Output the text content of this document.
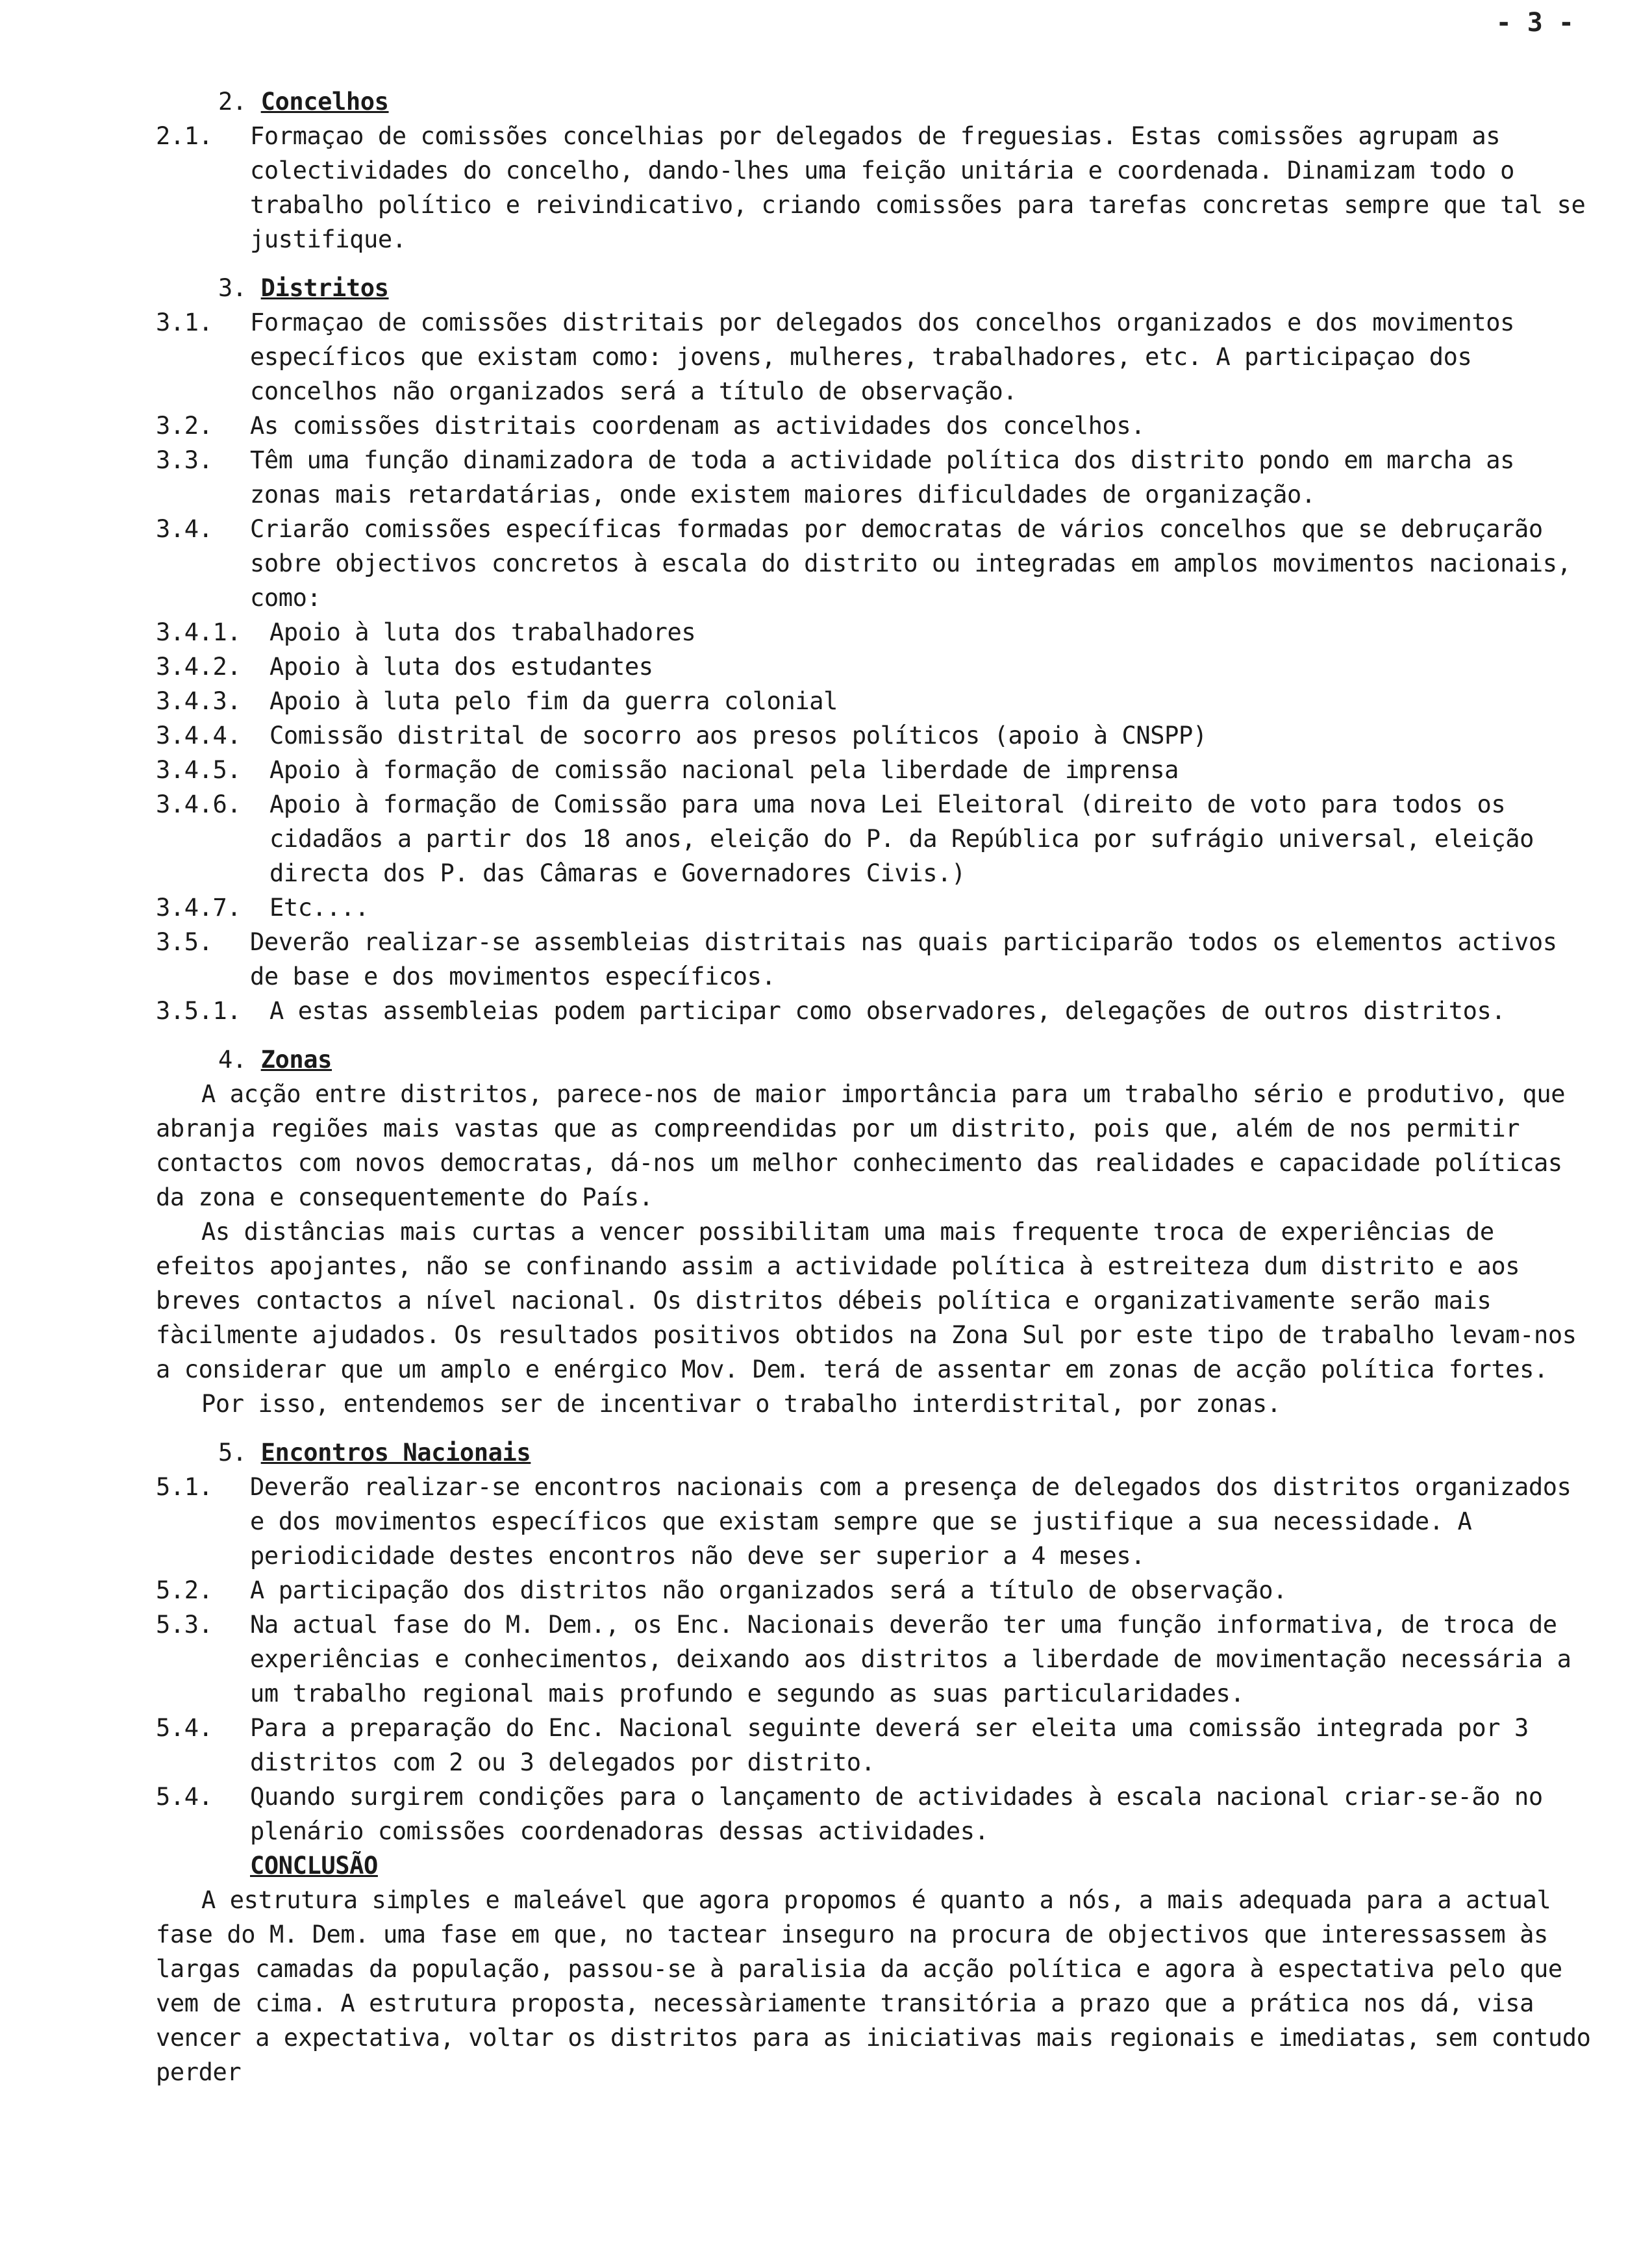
- 3 -
2. Concelhos
2.1.	Formaçao de comissões concelhias por delegados de freguesias. Estas comissões agrupam as colectividades do concelho, dando-lhes uma feição unitária e coordenada. Dinamizam todo o trabalho político e reivindicativo, criando comissões para tarefas concretas sempre que tal se justifique.
3. Distritos
3.1.	Formaçao de comissões distritais por delegados dos concelhos organizados e dos movimentos específicos que existam como: jovens, mulheres, trabalhadores, etc. A participaçao dos concelhos não organizados será a título de observação.
3.2.	As comissões distritais coordenam as actividades dos concelhos.
3.3.	Têm uma função dinamizadora de toda a actividade política dos distrito pondo em marcha as zonas mais retardatárias, onde existem maiores dificuldades de organização.
3.4.	Criarão comissões específicas formadas por democratas de vários concelhos que se debruçarão sobre objectivos concretos à escala do distrito ou integradas em amplos movimentos nacionais, como:
3.4.1.	Apoio à luta dos trabalhadores
3.4.2.	Apoio à luta dos estudantes
3.4.3.	Apoio à luta pelo fim da guerra colonial
3.4.4.	Comissão distrital de socorro aos presos políticos (apoio à CNSPP)
3.4.5.	Apoio à formação de comissão nacional pela liberdade de imprensa
3.4.6.	Apoio à formação de Comissão para uma nova Lei Eleitoral (direito de voto para todos os cidadãos a partir dos 18 anos, eleição do P. da República por sufrágio universal, eleição directa dos P. das Câmaras e Governadores Civis.)
3.4.7.	Etc....
3.5.	Deverão realizar-se assembleias distritais nas quais participarão todos os elementos activos de base e dos movimentos específicos.
3.5.1.	A estas assembleias podem participar como observadores, delegações de outros distritos.
4. Zonas

A acção entre distritos, parece-nos de maior importância para um trabalho sério e produtivo, que abranja regiões mais vastas que as compreendidas por um distrito, pois que, além de nos permitir contactos com novos democratas, dá-nos um melhor conhecimento das realidades e capacidade políticas da zona e consequentemente do País.

As distâncias mais curtas a vencer possibilitam uma mais frequente troca de experiências de efeitos apojantes, não se confinando assim a actividade política à estreiteza dum distrito e aos breves contactos a nível nacional. Os distritos débeis política e organizativamente serão mais fàcilmente ajudados. Os resultados positivos obtidos na Zona Sul por este tipo de trabalho levam-nos a considerar que um amplo e enérgico Mov. Dem. terá de assentar em zonas de acção política fortes.

Por isso, entendemos ser de incentivar o trabalho interdistrital, por zonas.

5. Encontros Nacionais
5.1.	Deverão realizar-se encontros nacionais com a presença de delegados dos distritos organizados e dos movimentos específicos que existam sempre que se justifique a sua necessidade. A periodicidade destes encontros não deve ser superior a 4 meses.
5.2.	A participação dos distritos não organizados será a título de observação.
5.3.	Na actual fase do M. Dem., os Enc. Nacionais deverão ter uma função informativa, de troca de experiências e conhecimentos, deixando aos distritos a liberdade de movimentação necessária a um trabalho regional mais profundo e segundo as suas particularidades.
5.4.	Para a preparação do Enc. Nacional seguinte deverá ser eleita uma comissão integrada por 3 distritos com 2 ou 3 delegados por distrito.
5.4.	Quando surgirem condições para o lançamento de actividades à escala nacional criar-se-ão no plenário comissões coordenadoras dessas actividades.
CONCLUSÃO

A estrutura simples e maleável que agora propomos é quanto a nós, a mais adequada para a actual fase do M. Dem. uma fase em que, no tactear inseguro na procura de objectivos que interessassem às largas camadas da população, passou-se à paralisia da acção política e agora à espectativa pelo que vem de cima. A estrutura proposta, necessàriamente transitória a prazo que a prática nos dá, visa vencer a expectativa, voltar os distritos para as iniciativas mais regionais e imediatas, sem contudo perder
